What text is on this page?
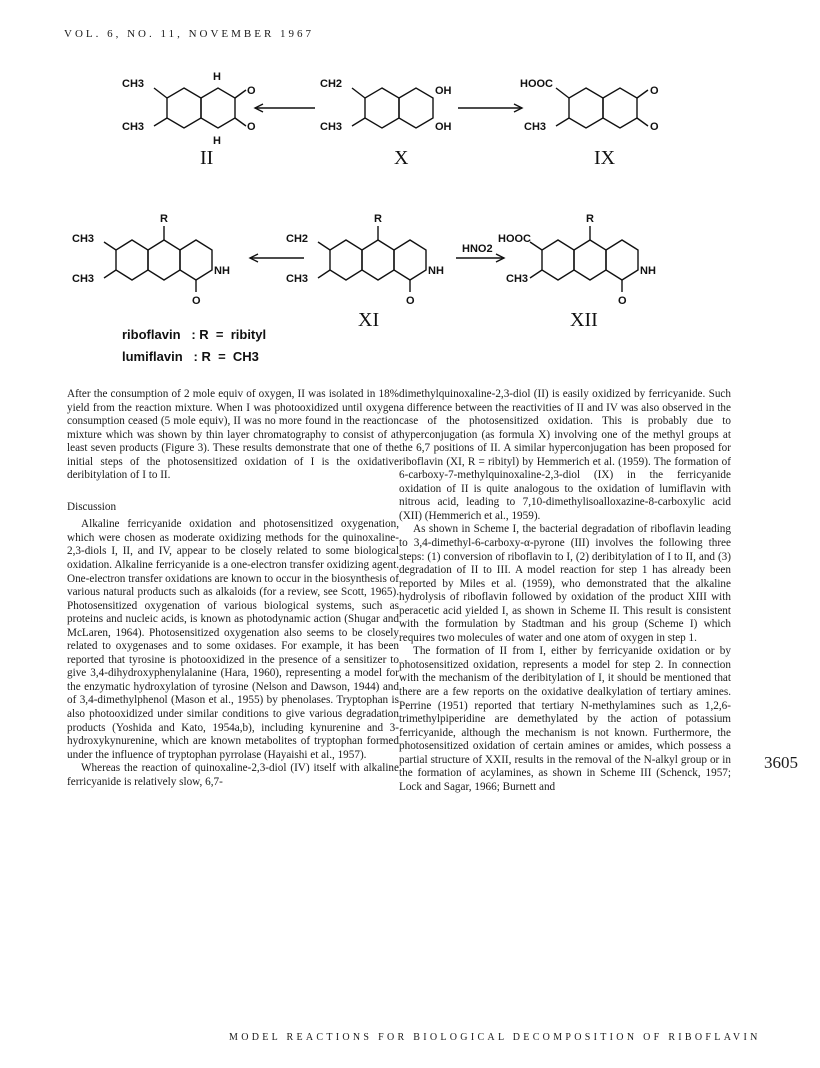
VOL. 6, NO. 11, NOVEMBER 1967
CH3
CH3
H
O
O
H
CH2
CH3
OH
OH
HOOC
CH3
O
O
R
CH3
CH3
NH
O
R
CH2
CH3
NH
O
HNO2
R
HOOC
CH3
NH
O
II	X	IX
XI	XII
riboflavin   : R  =  ribityl
lumiflavin   : R  =  CH3

After the consumption of 2 mole equiv of oxygen, II was isolated in 18% yield from the reaction mixture. When I was photooxidized until oxygen consumption ceased (5 mole equiv), II was no more found in the reaction mixture which was shown by thin layer chromatography to consist of at least seven products (Figure 3). These results demonstrate that one of the initial steps of the photosensitized oxidation of I is the oxidative deribitylation of I to II.

Discussion

Alkaline ferricyanide oxidation and photosensitized oxygenation, which were chosen as moderate oxidizing methods for the quinoxaline-2,3-diols I, II, and IV, appear to be closely related to some biological oxidation. Alkaline ferricyanide is a one-electron transfer oxidizing agent. One-electron transfer oxidations are known to occur in the biosynthesis of various natural products such as alkaloids (for a review, see Scott, 1965). Photosensitized oxygenation of various biological systems, such as proteins and nucleic acids, is known as photodynamic action (Shugar and McLaren, 1964). Photosensitized oxygenation also seems to be closely related to oxygenases and to some oxidases. For example, it has been reported that tyrosine is photooxidized in the presence of a sensitizer to give 3,4-dihydroxyphenylalanine (Hara, 1960), representing a model for the enzymatic hydroxylation of tyrosine (Nelson and Dawson, 1944) and of 3,4-dimethylphenol (Mason et al., 1955) by phenolases. Tryptophan is also photooxidized under similar conditions to give various degradation products (Yoshida and Kato, 1954a,b), including kynurenine and 3-hydroxykynurenine, which are known metabolites of tryptophan formed under the influence of tryptophan pyrrolase (Hayaishi et al., 1957).

Whereas the reaction of quinoxaline-2,3-diol (IV) itself with alkaline ferricyanide is relatively slow, 6,7-

dimethylquinoxaline-2,3-diol (II) is easily oxidized by ferricyanide. Such a difference between the reactivities of II and IV was also observed in the case of the photosensitized oxidation. This is probably due to hyperconjugation (as formula X) involving one of the methyl groups at the 6,7 positions of II. A similar hyperconjugation has been proposed for riboflavin (XI, R = ribityl) by Hemmerich et al. (1959). The formation of 6-carboxy-7-methylquinoxaline-2,3-diol (IX) in the ferricyanide oxidation of II is quite analogous to the oxidation of lumiflavin with nitrous acid, leading to 7,10-dimethylisoalloxazine-8-carboxylic acid (XII) (Hemmerich et al., 1959).

As shown in Scheme I, the bacterial degradation of riboflavin leading to 3,4-dimethyl-6-carboxy-α-pyrone (III) involves the following three steps: (1) conversion of riboflavin to I, (2) deribitylation of I to II, and (3) degradation of II to III. A model reaction for step 1 has already been reported by Miles et al. (1959), who demonstrated that the alkaline hydrolysis of riboflavin followed by oxidation of the product XIII with peracetic acid yielded I, as shown in Scheme II. This result is consistent with the formulation by Stadtman and his group (Scheme I) which requires two molecules of water and one atom of oxygen in step 1.

The formation of II from I, either by ferricyanide oxidation or by photosensitized oxidation, represents a model for step 2. In connection with the mechanism of the deribitylation of I, it should be mentioned that there are a few reports on the oxidative dealkylation of tertiary amines. Perrine (1951) reported that tertiary N-methylamines such as 1,2,6-trimethylpiperidine are demethylated by the action of potassium ferricyanide, although the mechanism is not known. Furthermore, the photosensitized oxidation of certain amines or amides, which possess a partial structure of XXII, results in the removal of the N-alkyl group or in the formation of acylamines, as shown in Scheme III (Schenck, 1957; Lock and Sagar, 1966; Burnett and

3605
MODEL REACTIONS FOR BIOLOGICAL DECOMPOSITION OF RIBOFLAVIN
